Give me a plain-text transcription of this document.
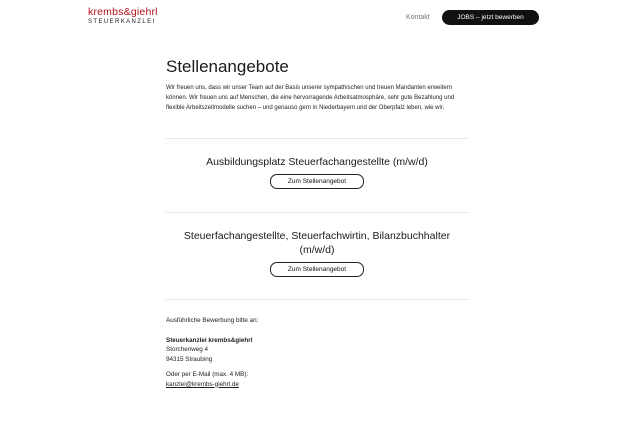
krembs&giehrl
STEUERKANZLEI
Kontakt	JOBS – jetzt bewerben
Stellenangebote

Wir freuen uns, dass wir unser Team auf der Basis unserer sympathischen und treuen Mandanten erweitern können. Wir freuen uns auf Menschen, die eine hervorragende Arbeitsatmosphäre, sehr gute Bezahlung und flexible Arbeitszeitmodelle suchen – und genauso gern in Niederbayern und der Oberpfalz leben, wie wir.

Ausbildungsplatz Steuerfachangestellte (m/w/d)
Zum Stellenangebot
Steuerfachangestellte, Steuerfachwirtin, Bilanzbuchhalter (m/w/d)
Zum Stellenangebot

Ausführliche Bewerbung bitte an:

Steuerkanzlei krembs&giehrl
Storchenweg 4
94315 Straubing
Oder per E-Mail (max. 4 MB):
kanzlei@krembs-giehrl.de
